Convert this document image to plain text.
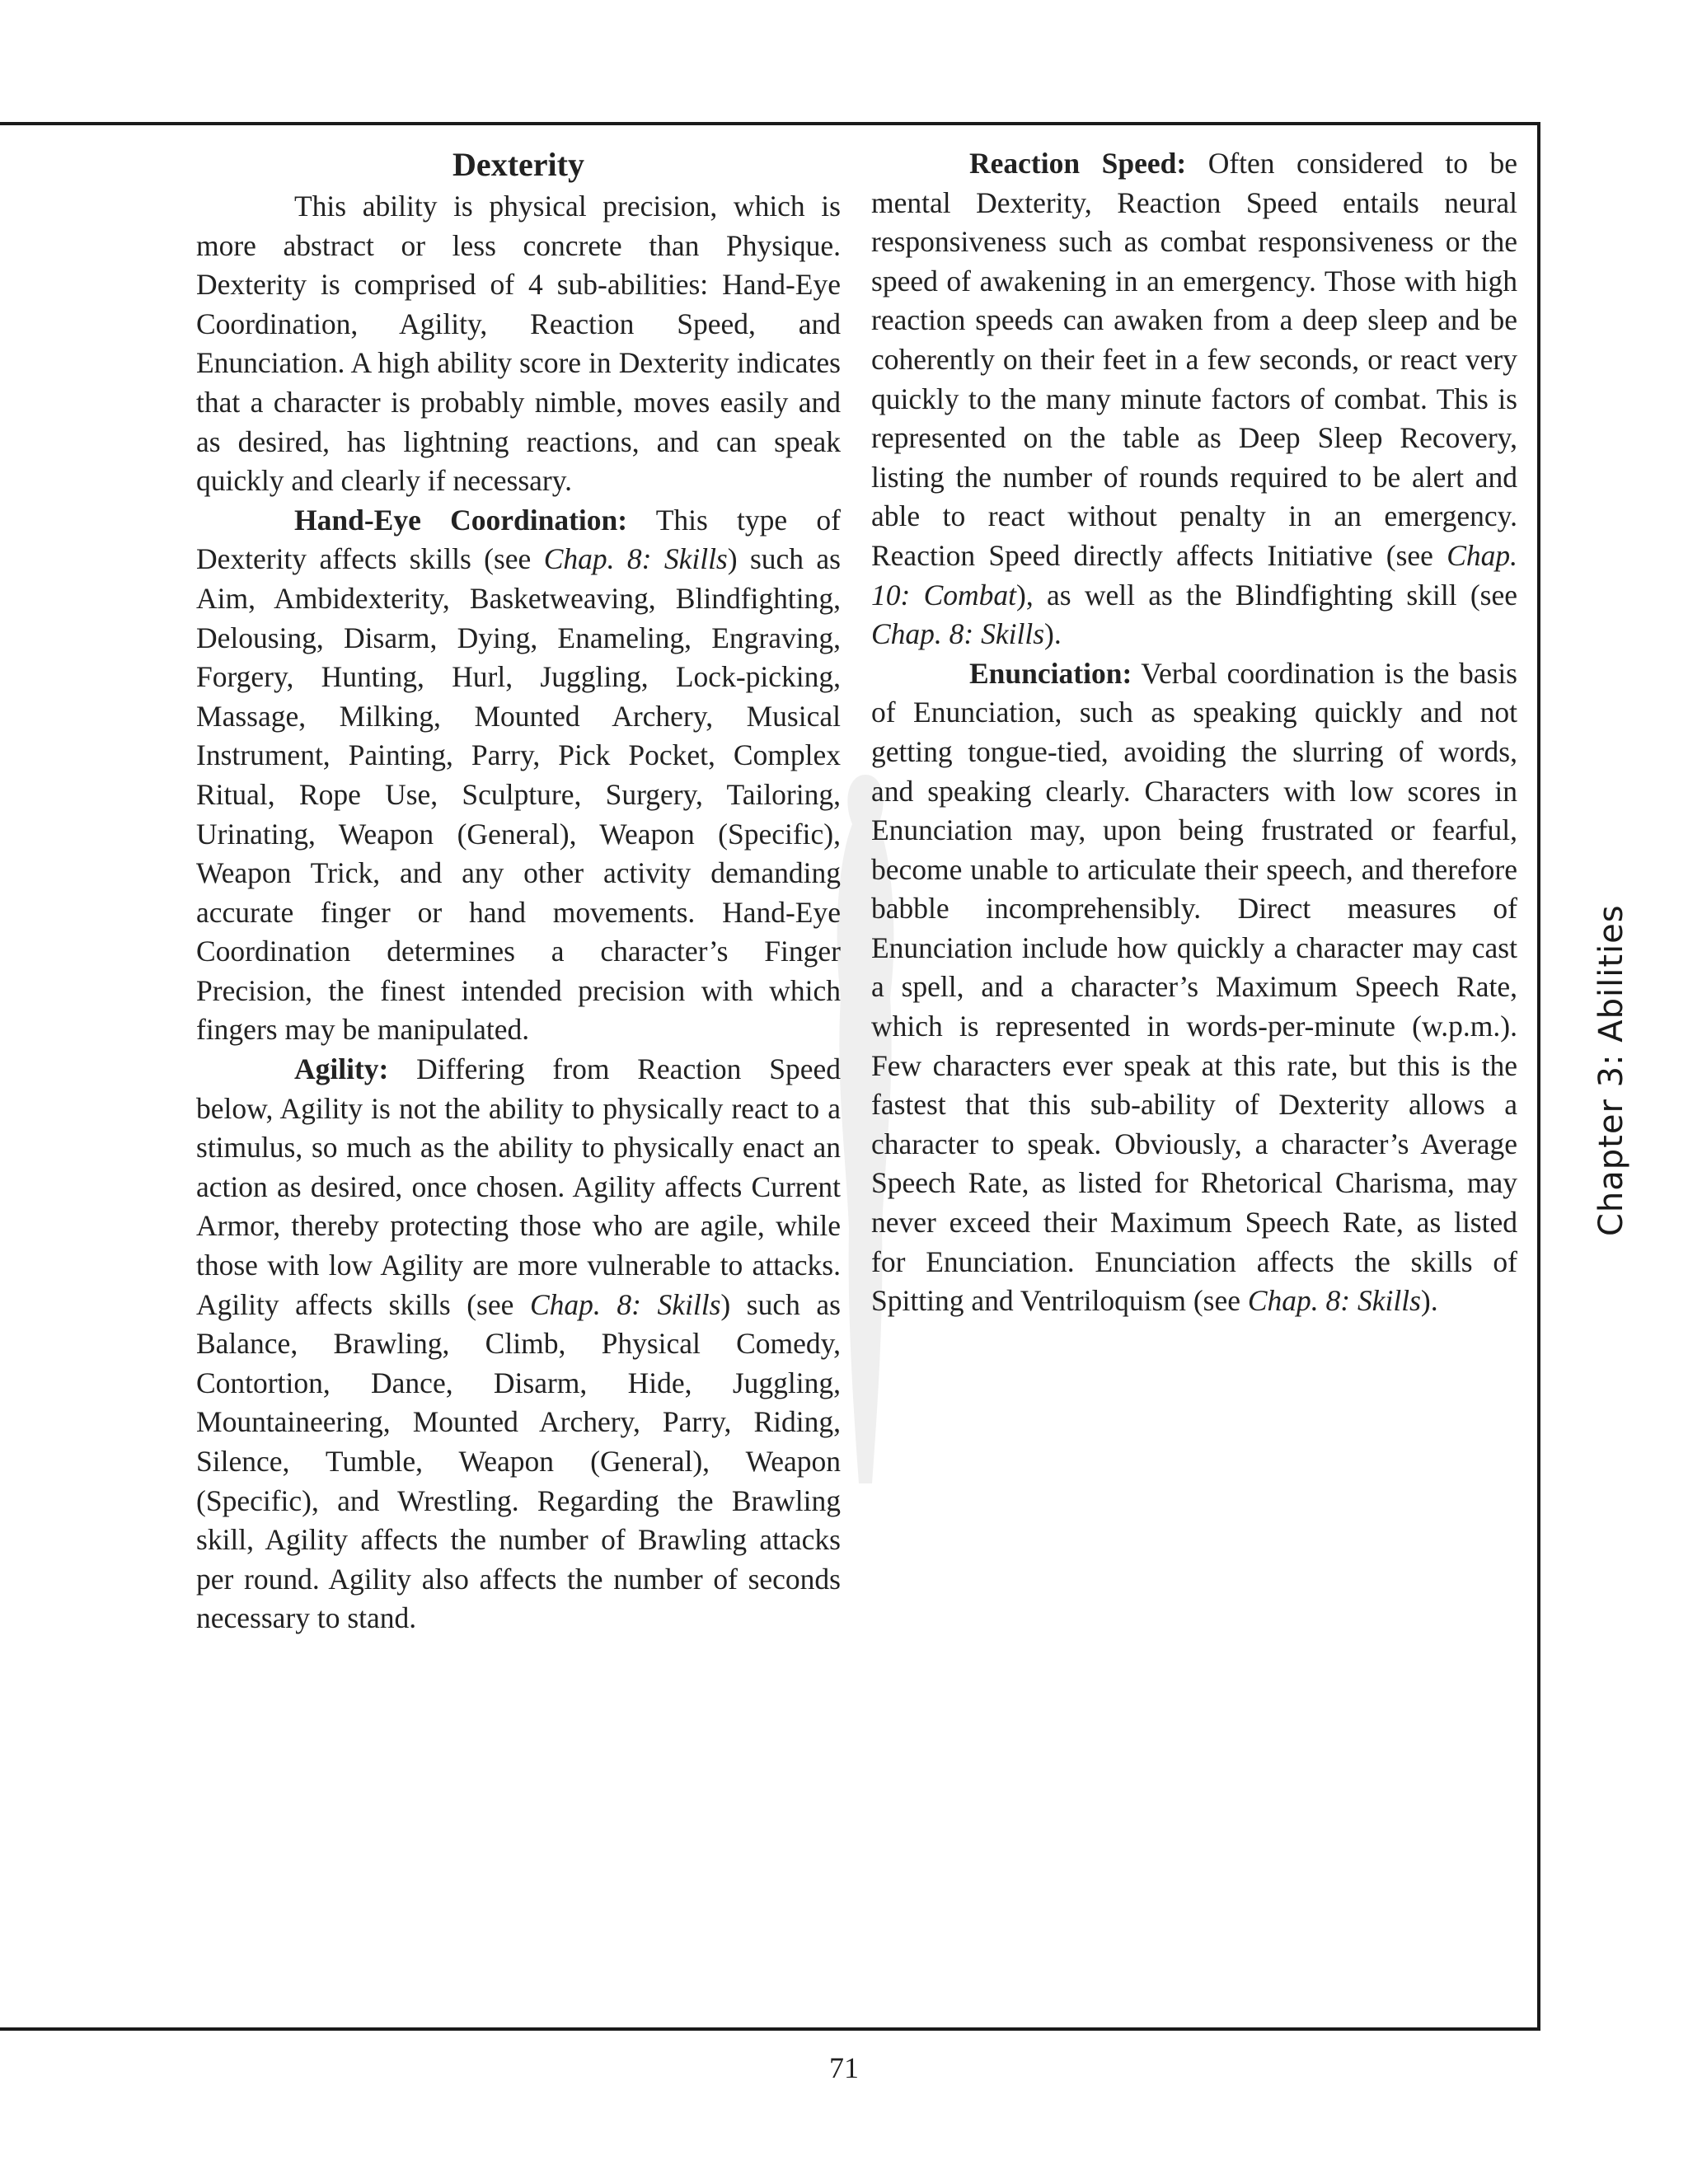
Dexterity

This ability is physical precision, which is more abstract or less concrete than Physique. Dexterity is comprised of 4 sub-abilities: Hand-Eye Coordination, Agility, Reaction Speed, and Enunciation. A high ability score in Dexterity indicates that a character is probably nimble, moves easily and as desired, has lightning reactions, and can speak quickly and clearly if necessary.

Hand-Eye Coordination: This type of Dexterity affects skills (see Chap. 8: Skills) such as Aim, Ambidexterity, Basketweaving, Blindfighting, Delousing, Disarm, Dying, Enameling, Engraving, Forgery, Hunting, Hurl, Juggling, Lock-picking, Massage, Milking, Mounted Archery, Musical Instrument, Painting, Parry, Pick Pocket, Complex Ritual, Rope Use, Sculpture, Surgery, Tailoring, Urinating, Weapon (General), Weapon (Specific), Weapon Trick, and any other activity demanding accurate finger or hand movements. Hand-Eye Coordination determines a character’s Finger Precision, the finest intended precision with which fingers may be manipulated.

Agility: Differing from Reaction Speed below, Agility is not the ability to physically react to a stimulus, so much as the ability to physically enact an action as desired, once chosen. Agility affects Current Armor, thereby protecting those who are agile, while those with low Agility are more vulnerable to attacks. Agility affects skills (see Chap. 8: Skills) such as Balance, Brawling, Climb, Physical Comedy, Contortion, Dance, Disarm, Hide, Juggling, Mountaineering, Mounted Archery, Parry, Riding, Silence, Tumble, Weapon (General), Weapon (Specific), and Wrestling. Regarding the Brawling skill, Agility affects the number of Brawling attacks per round. Agility also affects the number of seconds necessary to stand.

Reaction Speed: Often considered to be mental Dexterity, Reaction Speed entails neural responsiveness such as combat responsiveness or the speed of awakening in an emergency. Those with high reaction speeds can awaken from a deep sleep and be coherently on their feet in a few seconds, or react very quickly to the many minute factors of combat. This is represented on the table as Deep Sleep Recovery, listing the number of rounds required to be alert and able to react without penalty in an emergency. Reaction Speed directly affects Initiative (see Chap. 10: Combat), as well as the Blindfighting skill (see Chap. 8: Skills).

Enunciation: Verbal coordination is the basis of Enunciation, such as speaking quickly and not getting tongue-tied, avoiding the slurring of words, and speaking clearly. Characters with low scores in Enunciation may, upon being frustrated or fearful, become unable to articulate their speech, and therefore babble incomprehensibly. Direct measures of Enunciation include how quickly a character may cast a spell, and a character’s Maximum Speech Rate, which is represented in words-per-minute (w.p.m.). Few characters ever speak at this rate, but this is the fastest that this sub-ability of Dexterity allows a character to speak. Obviously, a character’s Average Speech Rate, as listed for Rhetorical Charisma, may never exceed their Maximum Speech Rate, as listed for Enunciation. Enunciation affects the skills of Spitting and Ventriloquism (see Chap. 8: Skills).

Chapter 3: Abilities
71
